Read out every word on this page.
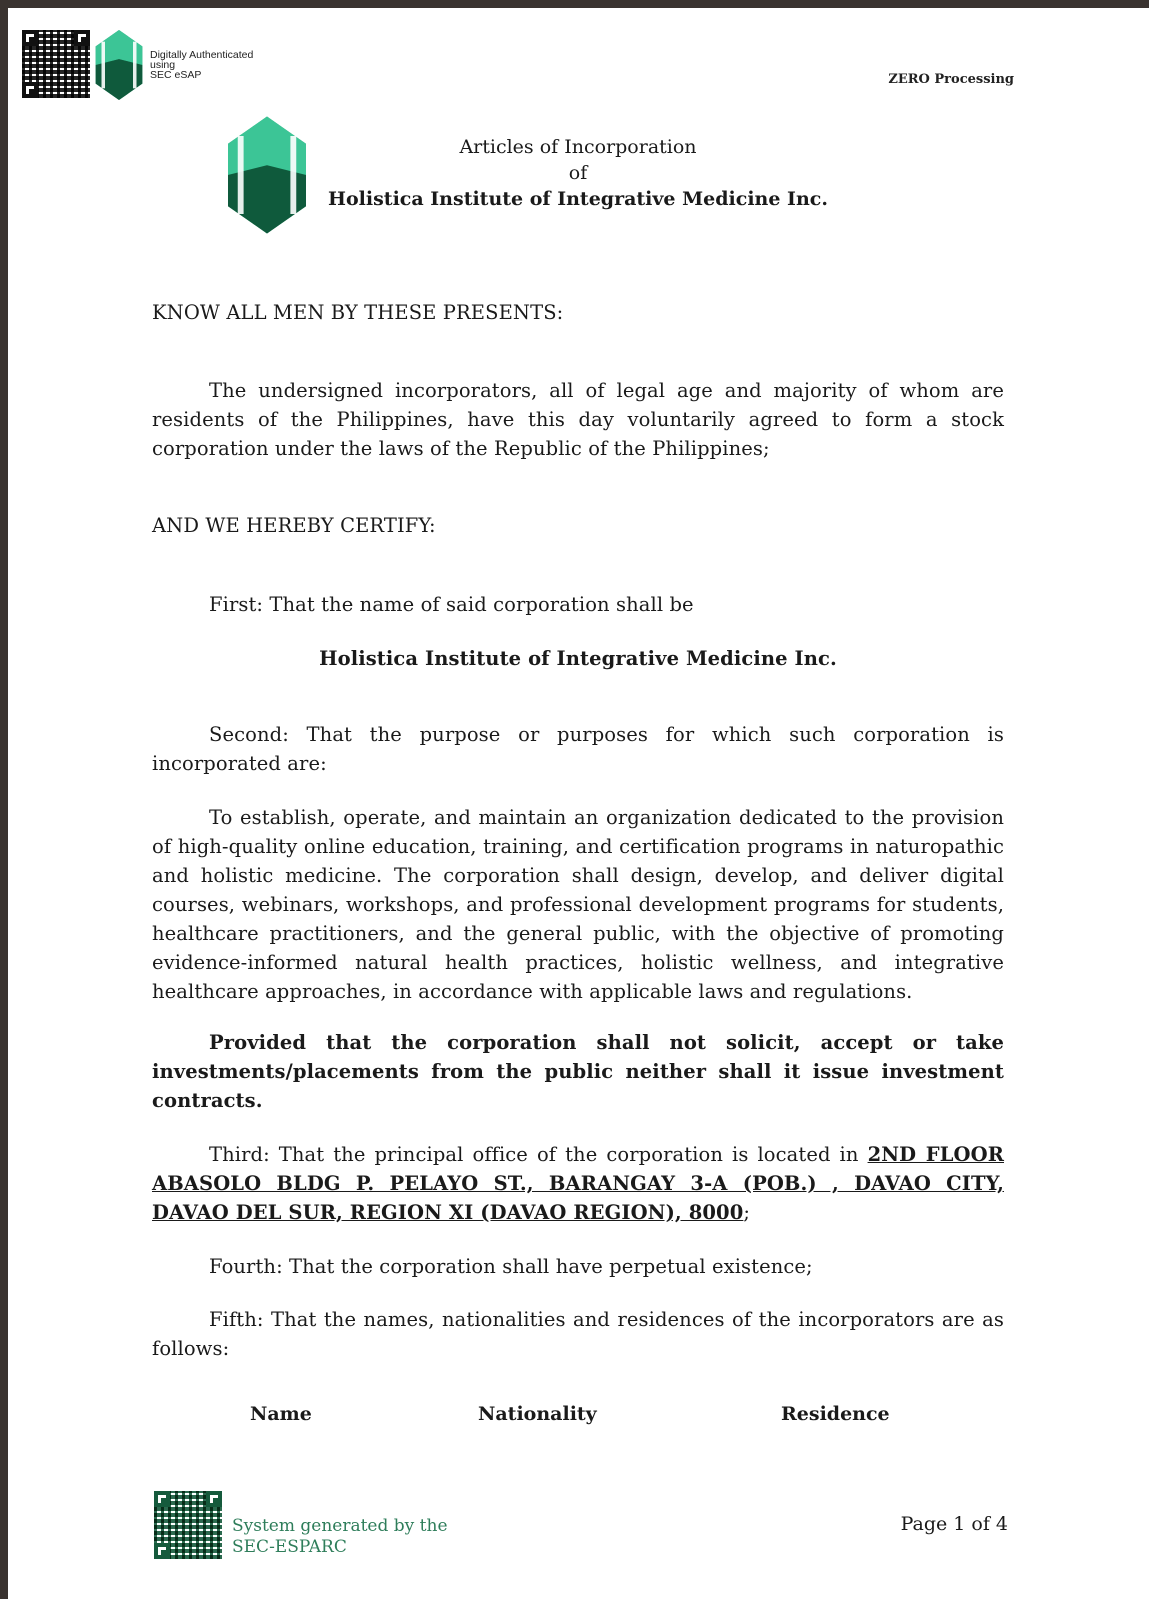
Digitally Authenticated
using
SEC eSAP	ZERO Processing
Articles of Incorporation
of
Holistica Institute of Integrative Medicine Inc.
KNOW ALL MEN BY THESE PRESENTS:
The undersigned incorporators, all of legal age and majority of whom are residents of the Philippines, have this day voluntarily agreed to form a stock corporation under the laws of the Republic of the Philippines;
AND WE HEREBY CERTIFY:
First: That the name of said corporation shall be
Holistica Institute of Integrative Medicine Inc.
Second: That the purpose or purposes for which such corporation is incorporated are:
To establish, operate, and maintain an organization dedicated to the provision of high-quality online education, training, and certification programs in naturopathic and holistic medicine. The corporation shall design, develop, and deliver digital courses, webinars, workshops, and professional development programs for students, healthcare practitioners, and the general public, with the objective of promoting evidence-informed natural health practices, holistic wellness, and integrative healthcare approaches, in accordance with applicable laws and regulations.
Provided that the corporation shall not solicit, accept or take investments/placements from the public neither shall it issue investment contracts.
Third: That the principal office of the corporation is located in 2ND FLOOR ABASOLO BLDG P. PELAYO ST., BARANGAY 3-A (POB.) , DAVAO CITY, DAVAO DEL SUR, REGION XI (DAVAO REGION), 8000;
Fourth: That the corporation shall have perpetual existence;
Fifth: That the names, nationalities and residences of the incorporators are as follows:
Name	Nationality	Residence
System generated by the
SEC-ESPARC
Page 1 of 4
